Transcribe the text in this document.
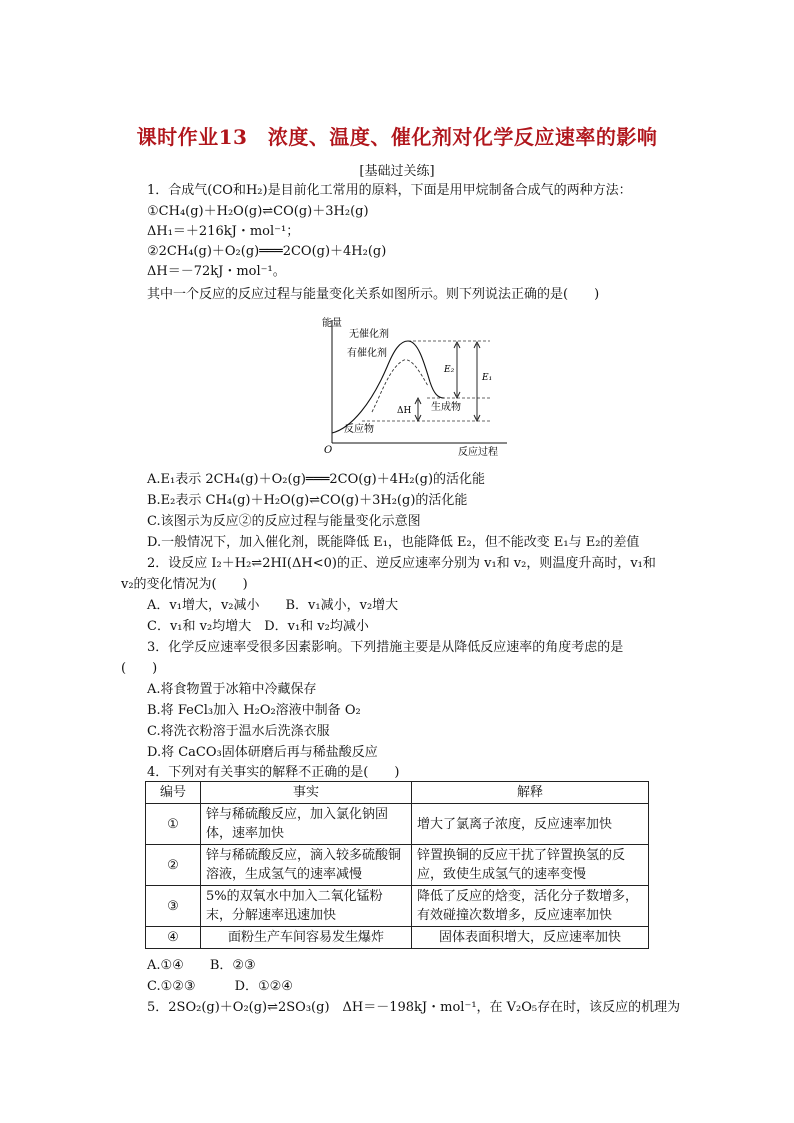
课时作业13　浓度、温度、催化剂对化学反应速率的影响
[基础过关练]
1．合成气(CO和H₂)是目前化工常用的原料，下面是用甲烷制备合成气的两种方法：
①CH₄(g)＋H₂O(g)⇌CO(g)＋3H₂(g)
ΔH₁＝＋216kJ・mol⁻¹；
②2CH₄(g)＋O₂(g)═══2CO(g)＋4H₂(g)
ΔH＝－72kJ・mol⁻¹。
其中一个反应的反应过程与能量变化关系如图所示。则下列说法正确的是(　　)
能量
O	反应过程
无催化剂
有催化剂
E₂
E₁
ΔH 生成物
反应物
A.E₁表示 2CH₄(g)＋O₂(g)═══2CO(g)＋4H₂(g)的活化能
B.E₂表示 CH₄(g)＋H₂O(g)⇌CO(g)＋3H₂(g)的活化能
C.该图示为反应②的反应过程与能量变化示意图
D.一般情况下，加入催化剂，既能降低 E₁，也能降低 E₂，但不能改变 E₁与 E₂的差值
2．设反应 I₂＋H₂⇌2HI(ΔH<0)的正、逆反应速率分别为 v₁和 v₂，则温度升高时，v₁和
v₂的变化情况为(　　)
A．v₁增大，v₂减小　　B．v₁减小，v₂增大
C．v₁和 v₂均增大　D．v₁和 v₂均减小
3．化学反应速率受很多因素影响。下列措施主要是从降低反应速率的角度考虑的是
(　　)
A.将食物置于冰箱中冷藏保存
B.将 FeCl₃加入 H₂O₂溶液中制备 O₂
C.将洗衣粉溶于温水后洗涤衣服
D.将 CaCO₃固体研磨后再与稀盐酸反应
4．下列对有关事实的解释不正确的是(　　)
编号	事实	解释
①	锌与稀硫酸反应，加入氯化钠固体，速率加快	增大了氯离子浓度，反应速率加快
②	锌与稀硫酸反应，滴入较多硫酸铜溶液，生成氢气的速率减慢	锌置换铜的反应干扰了锌置换氢的反应，致使生成氢气的速率变慢
③	5%的双氧水中加入二氧化锰粉末，分解速率迅速加快	降低了反应的焓变，活化分子数增多，有效碰撞次数增多，反应速率加快
④	面粉生产车间容易发生爆炸	固体表面积增大，反应速率加快
A.①④　　B．②③
C.①②③　　　D．①②④
5．2SO₂(g)＋O₂(g)⇌2SO₃(g)　ΔH＝－198kJ・mol⁻¹，在 V₂O₅存在时，该反应的机理为
